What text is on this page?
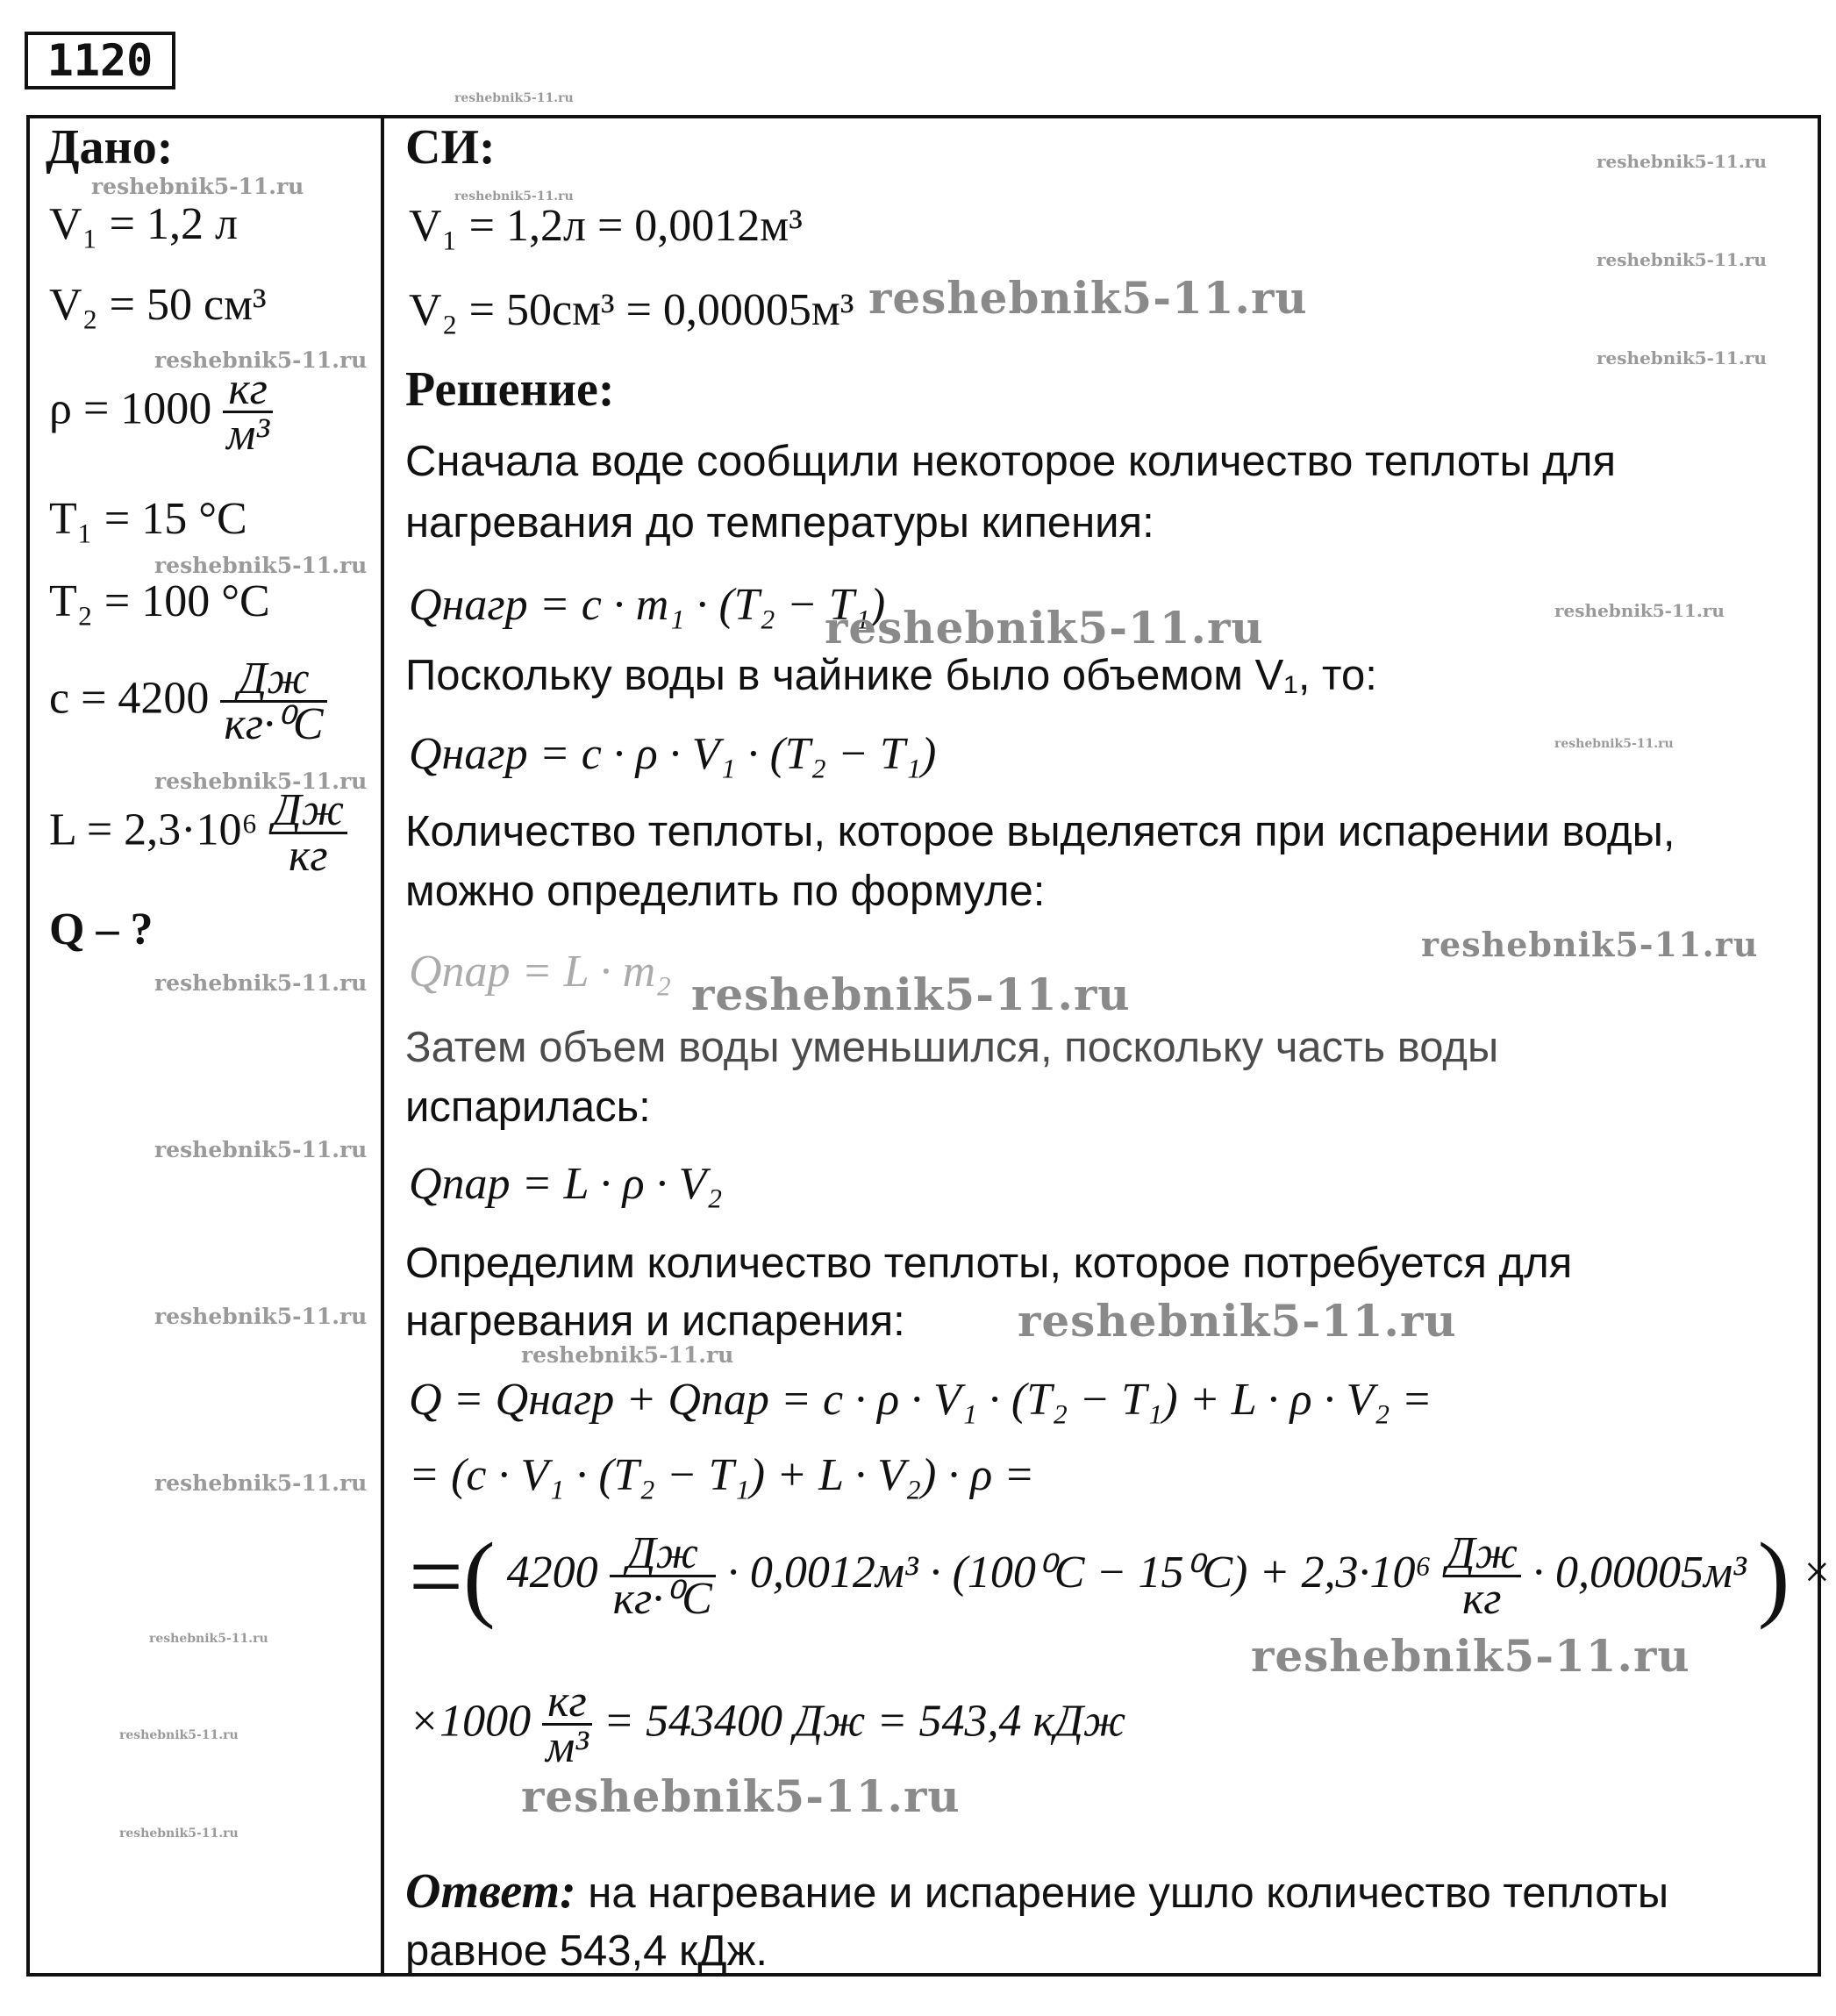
1120
Дано:
V₁ = 1,2 л
V₂ = 50 см³
$\rho = 1000 \frac{кг}{\text{м³}}$
T₁ = 15 °C
T₂ = 100 °C
$c = 4200 \frac{Дж}{\text{кг·⁰C}}$
$L = 2,3\cdot 10^6 \frac{Дж}{кг}$
Q – ?
СИ:
V₁ = 1,2л = 0,0012м³
V₂ = 50см³ = 0,00005м³
Решение:
Сначала воде сообщили некоторое количество теплоты для
нагревания до температуры кипения:
Qнагр = c · m₁ · (T₂ − T₁)
Поскольку воды в чайнике было объемом V₁, то:
Qнагр = c · ρ · V₁ · (T₂ − T₁)
Количество теплоты, которое выделяется при испарении воды,
можно определить по формуле:
Qпар = L · m₂
Затем объем воды уменьшился, поскольку часть воды
испарилась:
Qпар = L · ρ · V₂
Определим количество теплоты, которое потребуется для
нагревания и испарения:
Q = Qнагр + Qпар = c · ρ · V₁ · (T₂ − T₁) + L · ρ · V₂ =
= (c · V₁ · (T₂ − T₁) + L · V₂) · ρ =
=( $4200 \frac{Дж}{\text{кг·⁰C}} \cdot 0,0012м^3 \cdot (100^0C - 15^0C) + 2,3\cdot 10^6 \frac{Дж}{кг} \cdot 0,00005м^3$ ) ×
$\times 1000 \frac{кг}{\text{м³}} = 543400$ Дж = 543,4 кДж
Ответ: на нагревание и испарение ушло количество теплоты
равное 543,4 кДж.
reshebnik5-11.ru
reshebnik5-11.ru	reshebnik5-11.ru
reshebnik5-11.ru
reshebnik5-11.ru
reshebnik5-11.ru
reshebnik5-11.ru
reshebnik5-11.ru
reshebnik5-11.ru
reshebnik5-11.ru	reshebnik5-11.ru
reshebnik5-11.ru
reshebnik5-11.ru
reshebnik5-11.ru
reshebnik5-11.ru
reshebnik5-11.ru
reshebnik5-11.ru
reshebnik5-11.ru	reshebnik5-11.ru
reshebnik5-11.ru
reshebnik5-11.ru
reshebnik5-11.ru	reshebnik5-11.ru
reshebnik5-11.ru
reshebnik5-11.ru
reshebnik5-11.ru
